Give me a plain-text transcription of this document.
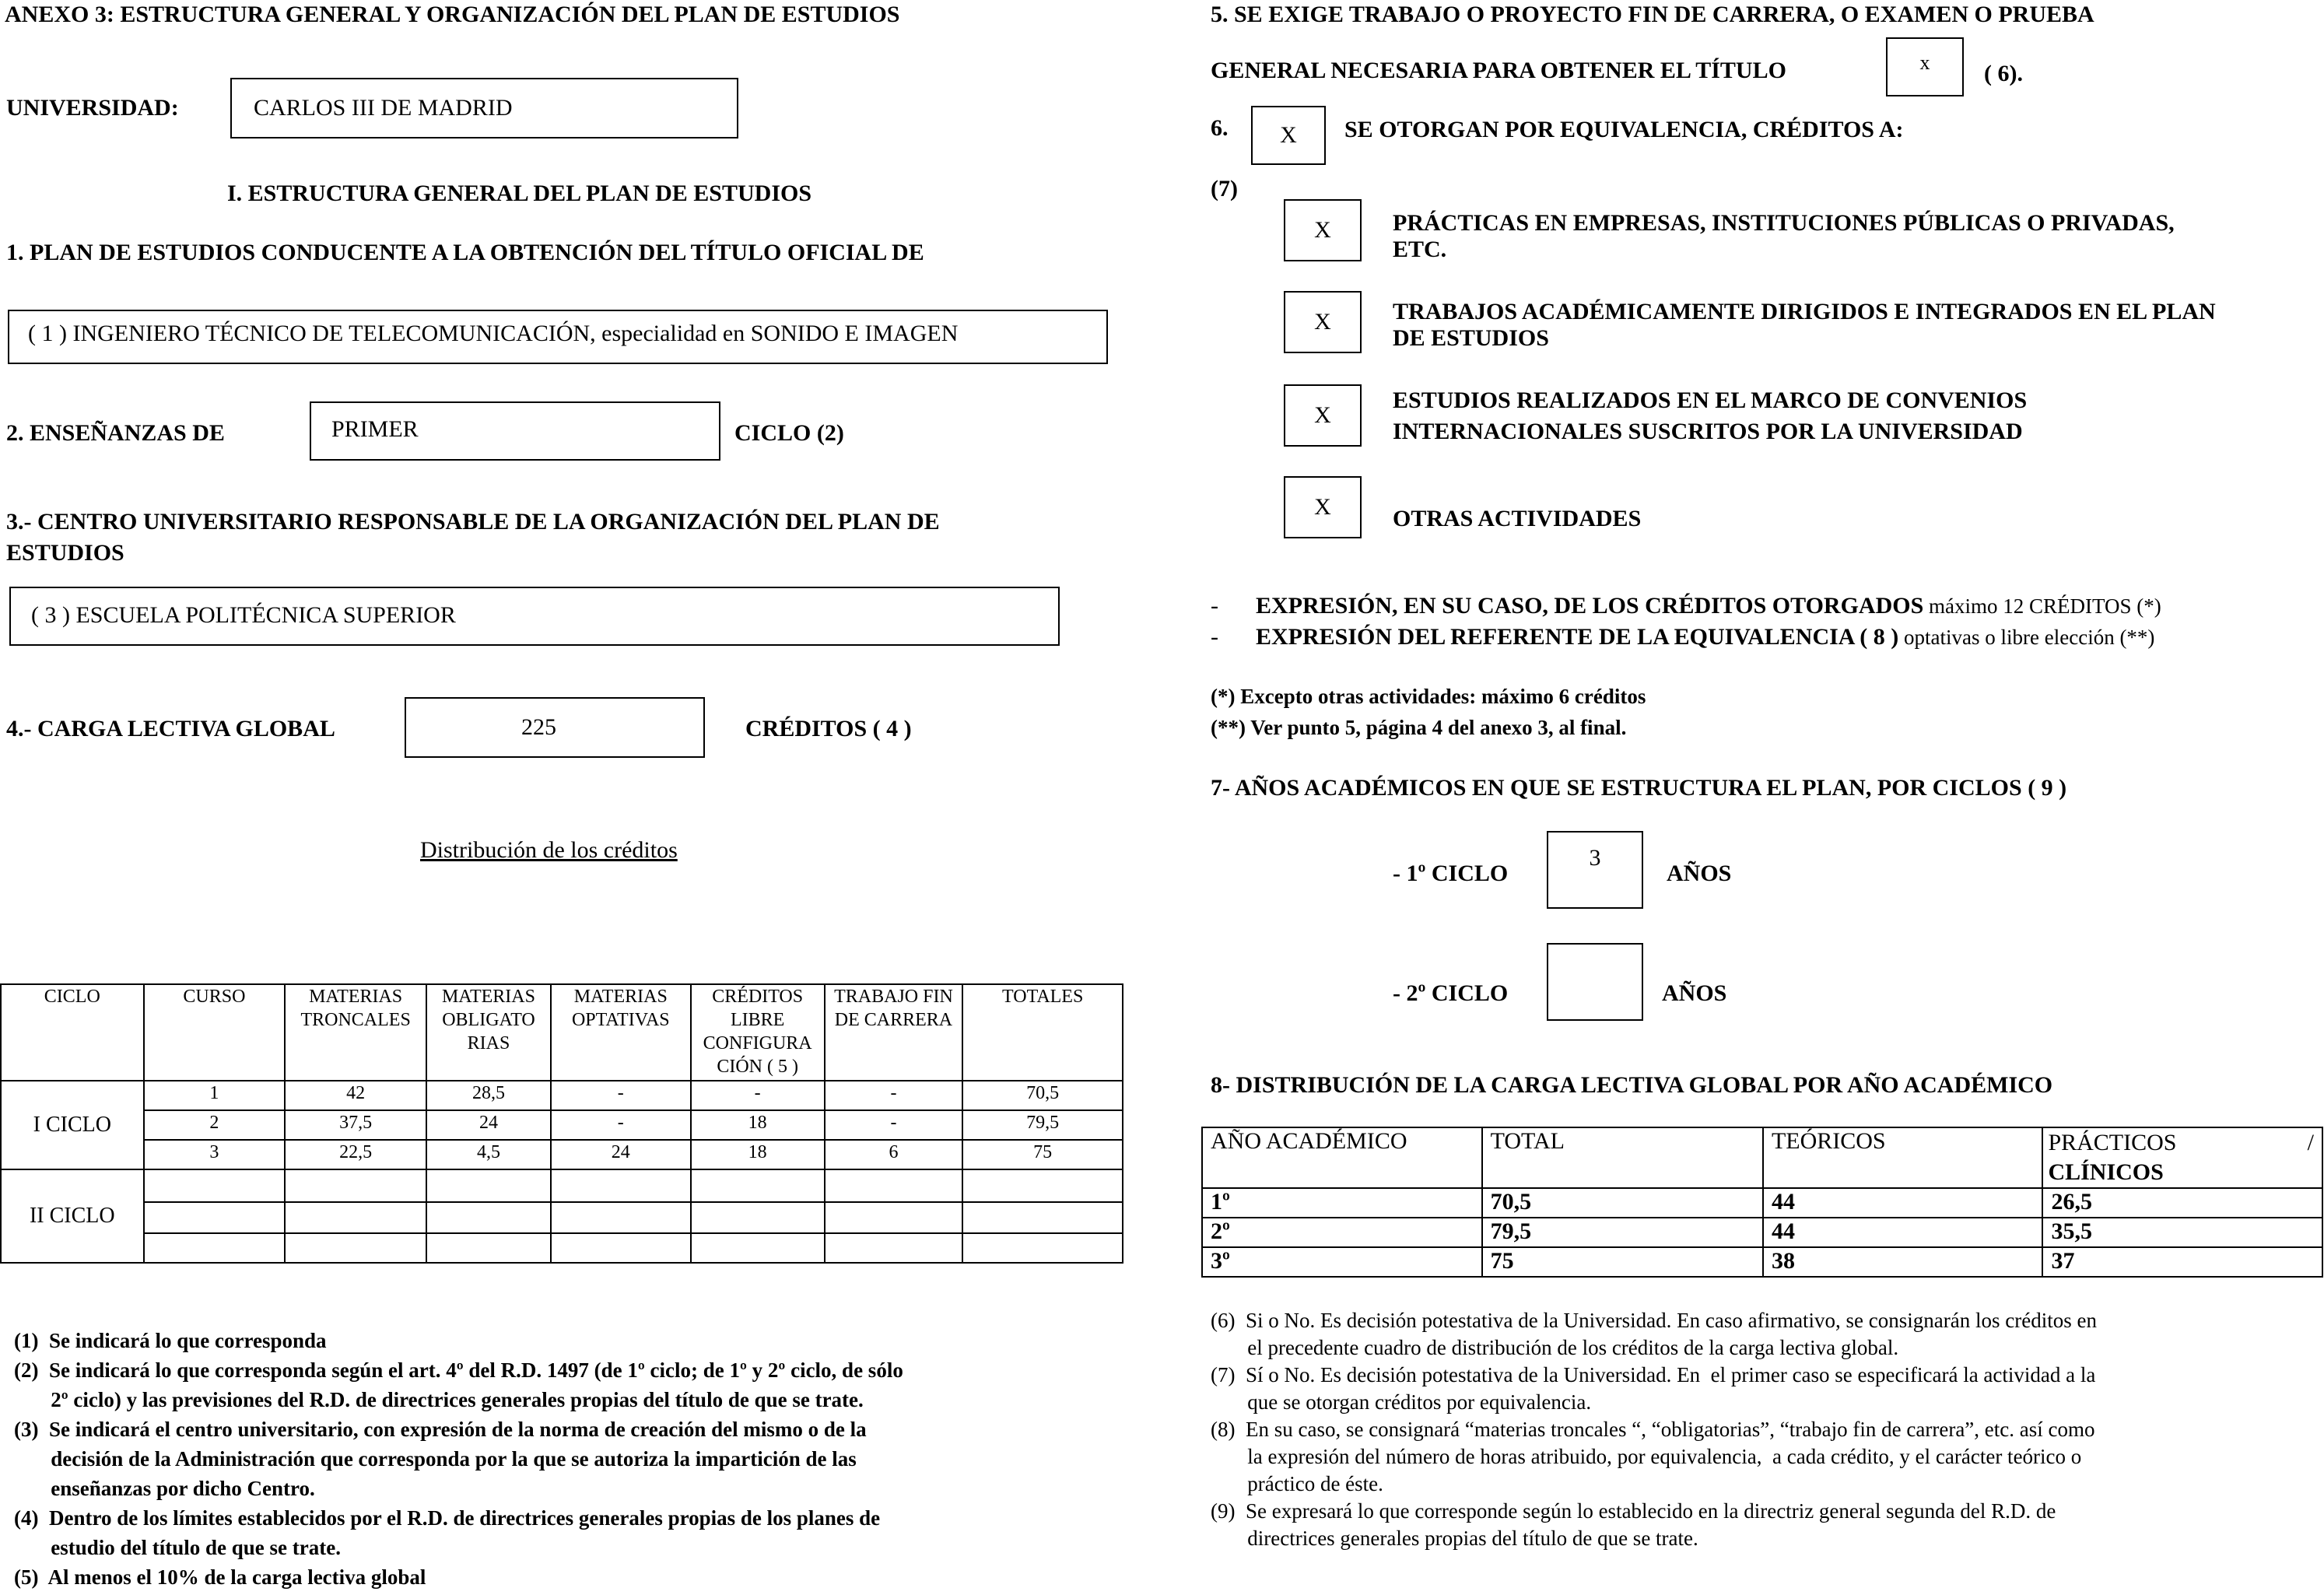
ANEXO 3: ESTRUCTURA GENERAL Y ORGANIZACIÓN DEL PLAN DE ESTUDIOS
UNIVERSIDAD:	CARLOS III DE MADRID
I. ESTRUCTURA GENERAL DEL PLAN DE ESTUDIOS
1. PLAN DE ESTUDIOS CONDUCENTE A LA OBTENCIÓN DEL TÍTULO OFICIAL DE
( 1 ) INGENIERO TÉCNICO DE TELECOMUNICACIÓN, especialidad en SONIDO E IMAGEN
2. ENSEÑANZAS DE	PRIMER	CICLO (2)
3.- CENTRO UNIVERSITARIO RESPONSABLE DE LA ORGANIZACIÓN DEL PLAN DE
ESTUDIOS
( 3 ) ESCUELA POLITÉCNICA SUPERIOR
4.- CARGA LECTIVA GLOBAL	225	CRÉDITOS ( 4 )
Distribución de los créditos
CICLO	CURSO	MATERIAS TRONCALES	MATERIAS OBLIGATO RIAS	MATERIAS OPTATIVAS	CRÉDITOS LIBRE CONFIGURA CIÓN ( 5 )	TRABAJO FIN DE CARRERA	TOTALES
I CICLO	1	42	28,5	-	-	-	70,5
	2	37,5	24	-	18	-	79,5
	3	22,5	4,5	24	18	6	75
II CICLO							

(1)  Se indicará lo que corresponda
(2)  Se indicará lo que corresponda según el art. 4º del R.D. 1497 (de 1º ciclo; de 1º y 2º ciclo, de sólo
2º ciclo) y las previsiones del R.D. de directrices generales propias del título de que se trate.
(3)  Se indicará el centro universitario, con expresión de la norma de creación del mismo o de la
decisión de la Administración que corresponda por la que se autoriza la impartición de las
enseñanzas por dicho Centro.
(4)  Dentro de los límites establecidos por el R.D. de directrices generales propias de los planes de
estudio del título de que se trate.
(5)  Al menos el 10% de la carga lectiva global
5. SE EXIGE TRABAJO O PROYECTO FIN DE CARRERA, O EXAMEN O PRUEBA
GENERAL NECESARIA PARA OBTENER EL TÍTULO	x	( 6).
6.	X	SE OTORGAN POR EQUIVALENCIA, CRÉDITOS A:
(7)
X	PRÁCTICAS EN EMPRESAS, INSTITUCIONES PÚBLICAS O PRIVADAS,
ETC.
X	TRABAJOS ACADÉMICAMENTE DIRIGIDOS E INTEGRADOS EN EL PLAN
DE ESTUDIOS
X
ESTUDIOS REALIZADOS EN EL MARCO DE CONVENIOS
INTERNACIONALES SUSCRITOS POR LA UNIVERSIDAD
X	OTRAS ACTIVIDADES
- EXPRESIÓN, EN SU CASO, DE LOS CRÉDITOS OTORGADOS máximo 12 CRÉDITOS (*)
- EXPRESIÓN DEL REFERENTE DE LA EQUIVALENCIA ( 8 ) optativas o libre elección (**)
(*) Excepto otras actividades: máximo 6 créditos
(**) Ver punto 5, página 4 del anexo 3, al final.
7- AÑOS ACADÉMICOS EN QUE SE ESTRUCTURA EL PLAN, POR CICLOS ( 9 )
- 1º CICLO
3
AÑOS
- 2º CICLO	AÑOS
8- DISTRIBUCIÓN DE LA CARGA LECTIVA GLOBAL POR AÑO ACADÉMICO
AÑO ACADÉMICO	TOTAL	TEÓRICOS	PRÁCTICOS /
CLÍNICOS

1º	70,5	44	26,5
2º	79,5	44	35,5
3º	75	38	37
(6)  Si o No. Es decisión potestativa de la Universidad. En caso afirmativo, se consignarán los créditos en
el precedente cuadro de distribución de los créditos de la carga lectiva global.
(7)  Sí o No. Es decisión potestativa de la Universidad. En  el primer caso se especificará la actividad a la
que se otorgan créditos por equivalencia.
(8)  En su caso, se consignará “materias troncales “, “obligatorias”, “trabajo fin de carrera”, etc. así como
la expresión del número de horas atribuido, por equivalencia,  a cada crédito, y el carácter teórico o
práctico de éste.
(9)  Se expresará lo que corresponde según lo establecido en la directriz general segunda del R.D. de
directrices generales propias del título de que se trate.
